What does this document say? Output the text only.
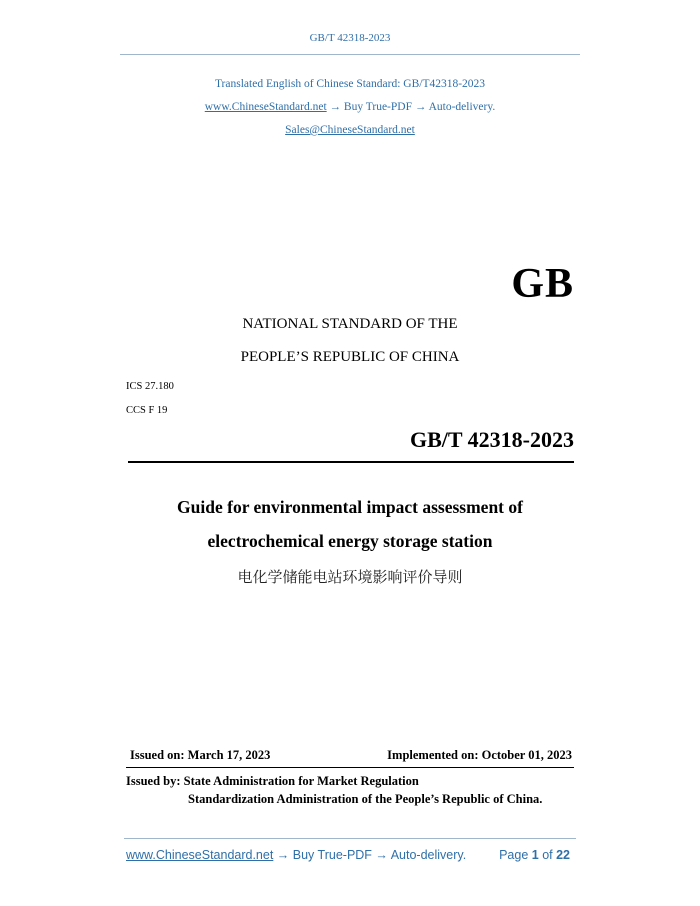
GB/T 42318-2023
Translated English of Chinese Standard: GB/T42318-2023
www.ChineseStandard.net → Buy True-PDF → Auto-delivery.
Sales@ChineseStandard.net
GB
NATIONAL STANDARD OF THE
PEOPLE’S REPUBLIC OF CHINA
ICS 27.180
CCS F 19
GB/T 42318-2023
Guide for environmental impact assessment of
electrochemical energy storage station
电化学储能电站环境影响评价导则
Issued on: March 17, 2023	Implemented on: October 01, 2023
Issued by: State Administration for Market Regulation
Standardization Administration of the People’s Republic of China.
www.ChineseStandard.net → Buy True-PDF → Auto-delivery.	Page 1 of 22
